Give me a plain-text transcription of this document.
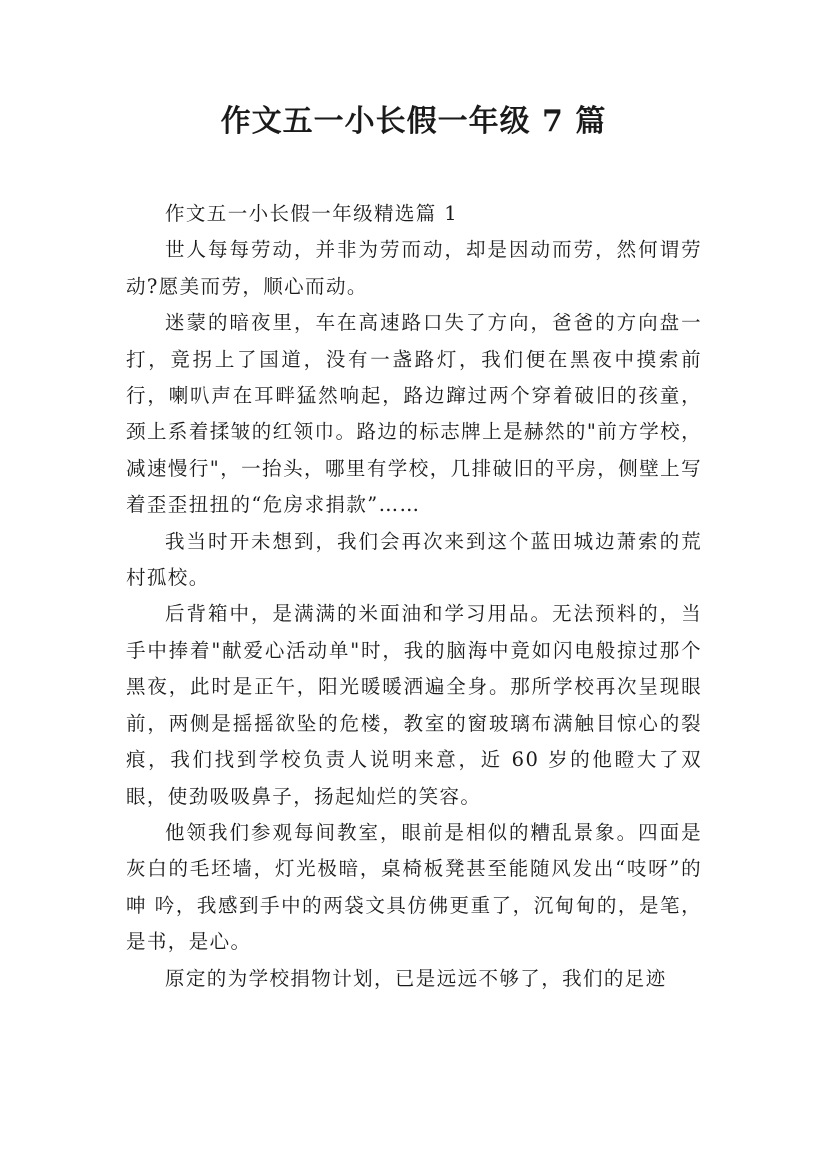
作文五一小长假一年级 7 篇

作文五一小长假一年级精选篇 1

世人每每劳动，并非为劳而动，却是因动而劳，然何谓劳动?愿美而劳，顺心而动。

迷蒙的暗夜里，车在高速路口失了方向，爸爸的方向盘一打，竟拐上了国道，没有一盏路灯，我们便在黑夜中摸索前行，喇叭声在耳畔猛然响起，路边蹿过两个穿着破旧的孩童，颈上系着揉皱的红领巾。路边的标志牌上是赫然的"前方学校，减速慢行"，一抬头，哪里有学校，几排破旧的平房，侧壁上写着歪歪扭扭的“危房求捐款”……

我当时开未想到，我们会再次来到这个蓝田城边萧索的荒村孤校。

后背箱中，是满满的米面油和学习用品。无法预料的，当手中捧着"献爱心活动单"时，我的脑海中竟如闪电般掠过那个黑夜，此时是正午，阳光暖暖洒遍全身。那所学校再次呈现眼前，两侧是摇摇欲坠的危楼，教室的窗玻璃布满触目惊心的裂痕，我们找到学校负责人说明来意，近 60 岁的他瞪大了双眼，使劲吸吸鼻子，扬起灿烂的笑容。

他领我们参观每间教室，眼前是相似的糟乱景象。四面是灰白的毛坯墙，灯光极暗，桌椅板凳甚至能随风发出“吱呀”的呻 吟，我感到手中的两袋文具仿佛更重了，沉甸甸的，是笔，是书，是心。

原定的为学校捐物计划，已是远远不够了，我们的足迹
